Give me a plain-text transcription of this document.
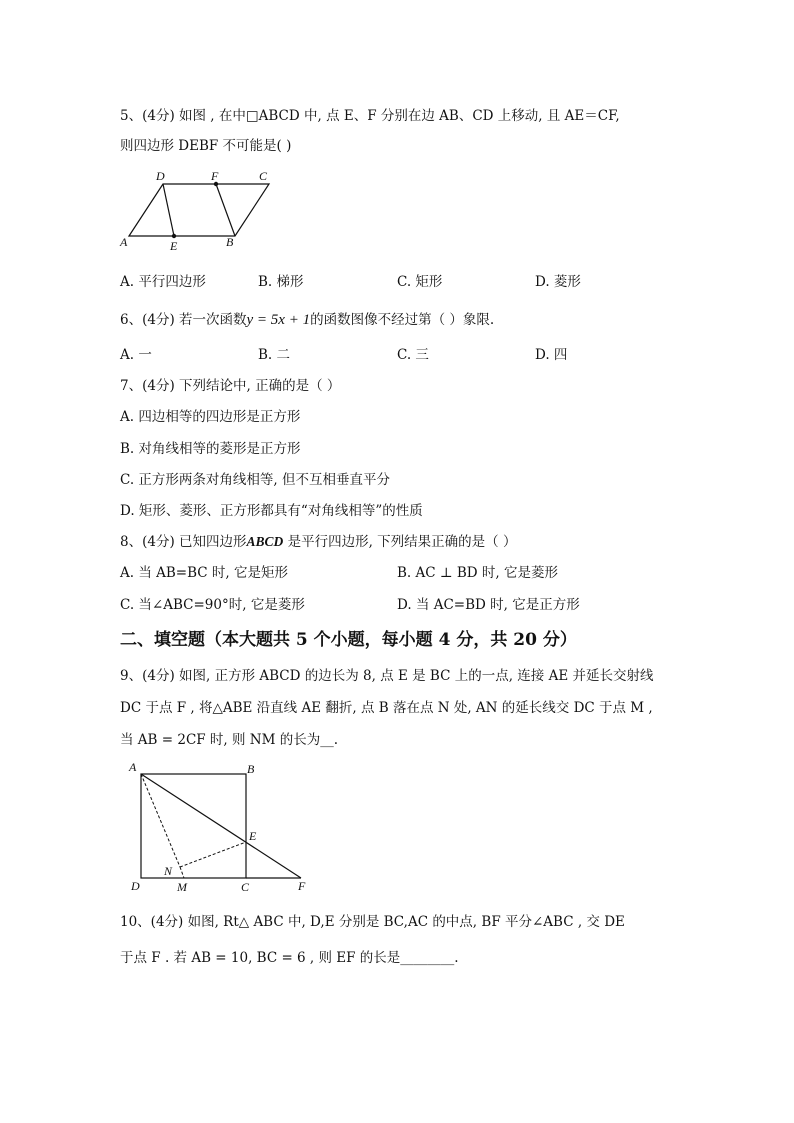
5、(4分) 如图 , 在中□ABCD 中, 点 E、F 分别在边 AB、CD 上移动, 且 AE＝CF,
则四边形 DEBF 不可能是( )
D	F	C
A	E	B
A. 平行四边形	B. 梯形	C. 矩形	D. 菱形
6、(4分) 若一次函数y = 5x + 1的函数图像不经过第（ ）象限.
A. 一	B. 二	C. 三	D. 四
7、(4分) 下列结论中, 正确的是（ ）
A. 四边相等的四边形是正方形
B. 对角线相等的菱形是正方形
C. 正方形两条对角线相等, 但不互相垂直平分
D. 矩形、菱形、正方形都具有“对角线相等”的性质
8、(4分) 已知四边形ABCD 是平行四边形, 下列结果正确的是（ ）
A. 当 AB=BC 时, 它是矩形	B. AC ⊥ BD 时, 它是菱形
C. 当∠ABC=90°时, 它是菱形	D. 当 AC=BD 时, 它是正方形
二、填空题（本大题共 5 个小题，每小题 4 分，共 20 分）
9、(4分) 如图, 正方形 ABCD 的边长为 8, 点 E 是 BC 上的一点, 连接 AE 并延长交射线
DC 于点 F , 将△ABE 沿直线 AE 翻折, 点 B 落在点 N 处, AN 的延长线交 DC 于点 M ,
当 AB = 2CF 时, 则 NM 的长为__.
A	B
E
N
D	M	C	F
10、(4分) 如图, Rt△ ABC 中, D,E 分别是 BC,AC 的中点, BF 平分∠ABC , 交 DE
于点 F . 若 AB = 10, BC = 6 , 则 EF 的长是________.
